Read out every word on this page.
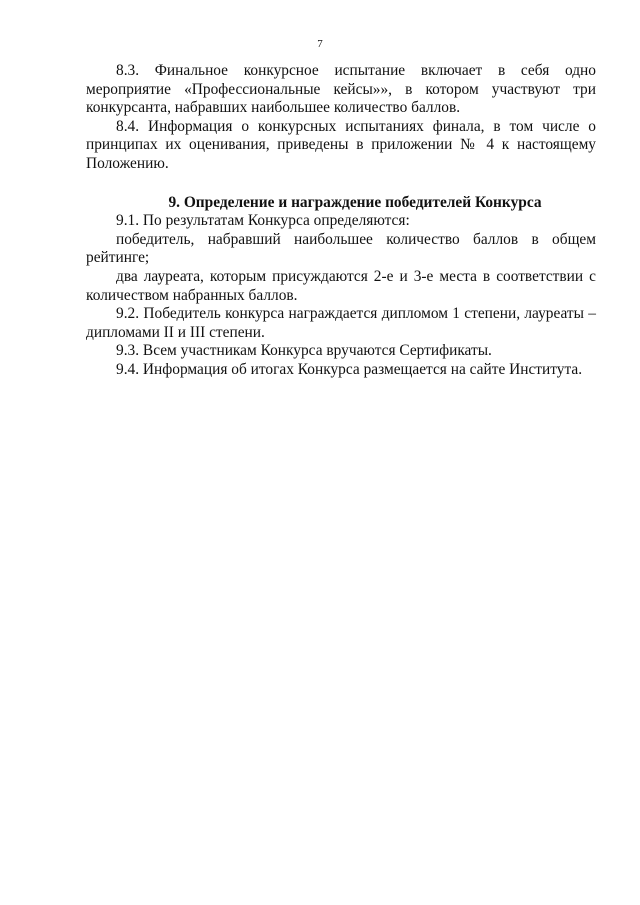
7

8.3. Финальное конкурсное испытание включает в себя одно мероприятие «Профессиональные кейсы»», в котором участвуют три конкурсанта, набравших наибольшее количество баллов.

8.4. Информация о конкурсных испытаниях финала, в том числе о принципах их оценивания, приведены в приложении № 4 к настоящему Положению.

9. Определение и награждение победителей Конкурса

9.1. По результатам Конкурса определяются:

победитель, набравший наибольшее количество баллов в общем рейтинге;

два лауреата, которым присуждаются 2-е и 3-е места в соответствии с количеством набранных баллов.

9.2. Победитель конкурса награждается дипломом 1 степени, лауреаты – дипломами II и III степени.

9.3. Всем участникам Конкурса вручаются Сертификаты.

9.4. Информация об итогах Конкурса размещается на сайте Института.
